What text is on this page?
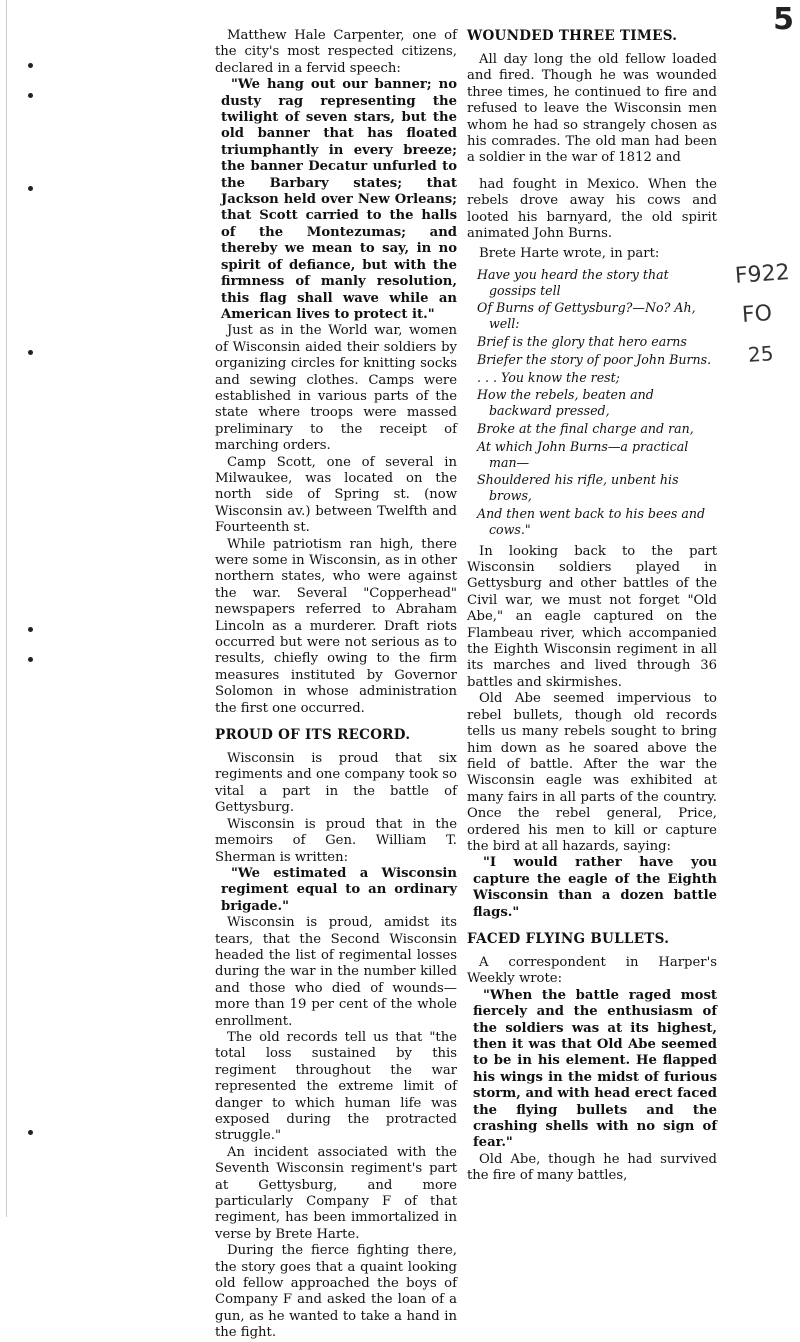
5
F922
FO
25

Matthew Hale Carpenter, one of the city's most respected citizens, declared in a fervid speech:

"We hang out our banner; no dusty rag representing the twilight of seven stars, but the old banner that has floated triumphantly in every breeze; the banner Decatur unfurled to the Barbary states; that Jackson held over New Orleans; that Scott carried to the halls of the Montezumas; and thereby we mean to say, in no spirit of defiance, but with the firmness of manly resolution, this flag shall wave while an American lives to protect it."

Just as in the World war, women of Wisconsin aided their soldiers by organizing circles for knitting socks and sewing clothes. Camps were established in various parts of the state where troops were massed preliminary to the receipt of marching orders.

Camp Scott, one of several in Milwaukee, was located on the north side of Spring st. (now Wisconsin av.) between Twelfth and Fourteenth st.

While patriotism ran high, there were some in Wisconsin, as in other northern states, who were against the war. Several "Copperhead" newspapers referred to Abraham Lincoln as a murderer. Draft riots occurred but were not serious as to results, chiefly owing to the firm measures instituted by Governor Solomon in whose administration the first one occurred.

PROUD OF ITS RECORD.

Wisconsin is proud that six regiments and one company took so vital a part in the battle of Gettysburg.

Wisconsin is proud that in the memoirs of Gen. William T. Sherman is written:

"We estimated a Wisconsin regiment equal to an ordinary brigade."

Wisconsin is proud, amidst its tears, that the Second Wisconsin headed the list of regimental losses during the war in the number killed and those who died of wounds—more than 19 per cent of the whole enrollment.

The old records tell us that "the total loss sustained by this regiment throughout the war represented the extreme limit of danger to which human life was exposed during the protracted struggle."

An incident associated with the Seventh Wisconsin regiment's part at Gettysburg, and more particularly Company F of that regiment, has been immortalized in verse by Brete Harte.

During the fierce fighting there, the story goes that a quaint looking old fellow approached the boys of Company F and asked the loan of a gun, as he wanted to take a hand in the fight.

WOUNDED THREE TIMES.

All day long the old fellow loaded and fired. Though he was wounded three times, he continued to fire and refused to leave the Wisconsin men whom he had so strangely chosen as his comrades. The old man had been a soldier in the war of 1812 and

had fought in Mexico. When the rebels drove away his cows and looted his barnyard, the old spirit animated John Burns.

Brete Harte wrote, in part:

Have you heard the story that gossips tell
Of Burns of Gettysburg?—No? Ah, well:
Brief is the glory that hero earns
Briefer the story of poor John Burns.
. . . You know the rest;
How the rebels, beaten and backward pressed,
Broke at the final charge and ran,
At which John Burns—a practical man—
Shouldered his rifle, unbent his brows,
And then went back to his bees and cows."

In looking back to the part Wisconsin soldiers played in Gettysburg and other battles of the Civil war, we must not forget "Old Abe," an eagle captured on the Flambeau river, which accompanied the Eighth Wisconsin regiment in all its marches and lived through 36 battles and skirmishes.

Old Abe seemed impervious to rebel bullets, though old records tells us many rebels sought to bring him down as he soared above the field of battle. After the war the Wisconsin eagle was exhibited at many fairs in all parts of the country. Once the rebel general, Price, ordered his men to kill or capture the bird at all hazards, saying:

"I would rather have you capture the eagle of the Eighth Wisconsin than a dozen battle flags."

FACED FLYING BULLETS.

A correspondent in Harper's Weekly wrote:

"When the battle raged most fiercely and the enthusiasm of the soldiers was at its highest, then it was that Old Abe seemed to be in his element. He flapped his wings in the midst of furious storm, and with head erect faced the flying bullets and the crashing shells with no sign of fear."

Old Abe, though he had survived the fire of many battles,
